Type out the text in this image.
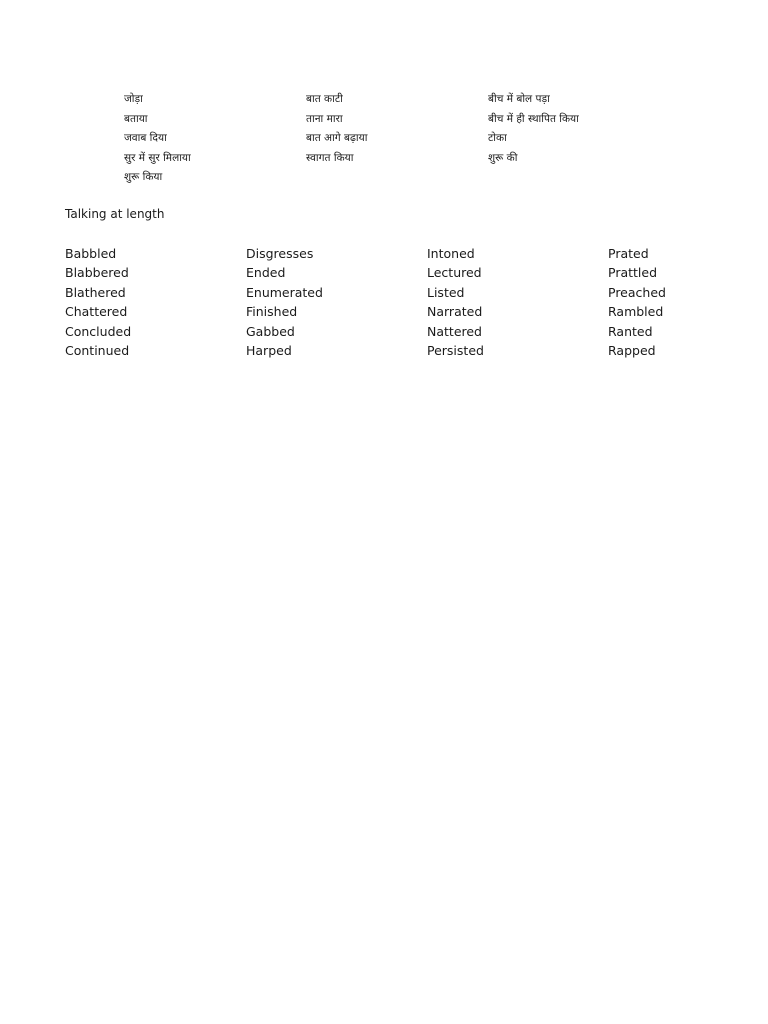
जोड़ा	बात काटी	बीच में बोल पड़ा
बताया	ताना मारा	बीच में ही स्थापित किया
जवाब दिया	बात आगे बढ़ाया	टोका
सुर में सुर मिलाया	स्वागत किया	शुरू की
शुरू किया
Talking at length
Babbled	Disgresses	Intoned	Prated
Blabbered	Ended	Lectured	Prattled
Blathered	Enumerated	Listed	Preached
Chattered	Finished	Narrated	Rambled
Concluded	Gabbed	Nattered	Ranted
Continued	Harped	Persisted	Rapped
